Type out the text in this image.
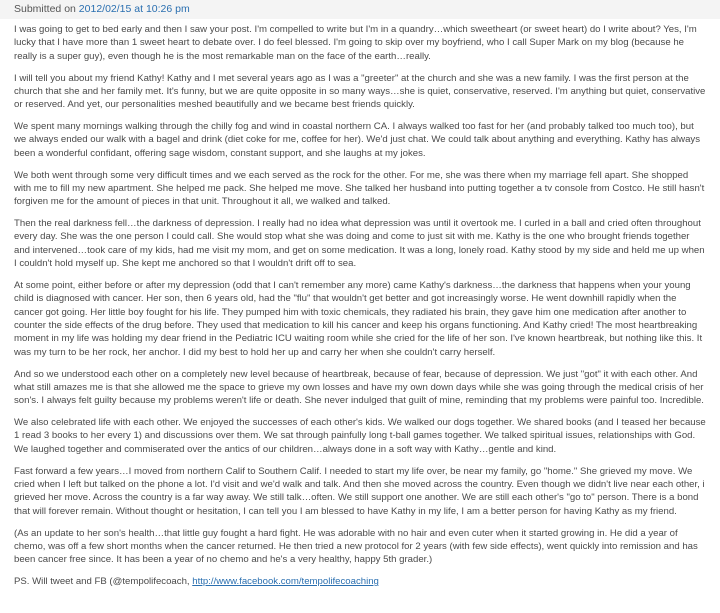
Submitted on 2012/02/15 at 10:26 pm

I was going to get to bed early and then I saw your post. I'm compelled to write but I'm in a quandry…which sweetheart (or sweet heart) do I write about? Yes, I'm lucky that I have more than 1 sweet heart to debate over. I do feel blessed. I'm going to skip over my boyfriend, who I call Super Mark on my blog (because he really is a super guy), even though he is the most remarkable man on the face of the earth…really.

I will tell you about my friend Kathy! Kathy and I met several years ago as I was a "greeter" at the church and she was a new family. I was the first person at the church that she and her family met. It's funny, but we are quite opposite in so many ways…she is quiet, conservative, reserved. I'm anything but quiet, conservative or reserved. And yet, our personalities meshed beautifully and we became best friends quickly.

We spent many mornings walking through the chilly fog and wind in coastal northern CA. I always walked too fast for her (and probably talked too much too), but we always ended our walk with a bagel and drink (diet coke for me, coffee for her). We'd just chat. We could talk about anything and everything. Kathy has always been a wonderful confidant, offering sage wisdom, constant support, and she laughs at my jokes.

We both went through some very difficult times and we each served as the rock for the other. For me, she was there when my marriage fell apart. She shopped with me to fill my new apartment. She helped me pack. She helped me move. She talked her husband into putting together a tv console from Costco. He still hasn't forgiven me for the amount of pieces in that unit. Throughout it all, we walked and talked.

Then the real darkness fell…the darkness of depression. I really had no idea what depression was until it overtook me. I curled in a ball and cried often throughout every day. She was the one person I could call. She would stop what she was doing and come to just sit with me. Kathy is the one who brought friends together and intervened…took care of my kids, had me visit my mom, and get on some medication. It was a long, lonely road. Kathy stood by my side and held me up when I couldn't hold myself up. She kept me anchored so that I wouldn't drift off to sea.

At some point, either before or after my depression (odd that I can't remember any more) came Kathy's darkness…the darkness that happens when your young child is diagnosed with cancer. Her son, then 6 years old, had the "flu" that wouldn't get better and got increasingly worse. He went downhill rapidly when the cancer got going. Her little boy fought for his life. They pumped him with toxic chemicals, they radiated his brain, they gave him one medication after another to counter the side effects of the drug before. They used that medication to kill his cancer and keep his organs functioning. And Kathy cried! The most heartbreaking moment in my life was holding my dear friend in the Pediatric ICU waiting room while she cried for the life of her son. I've known heartbreak, but nothing like this. It was my turn to be her rock, her anchor. I did my best to hold her up and carry her when she couldn't carry herself.

And so we understood each other on a completely new level because of heartbreak, because of fear, because of depression. We just "got" it with each other. And what still amazes me is that she allowed me the space to grieve my own losses and have my own down days while she was going through the medical crisis of her son's. I always felt guilty because my problems weren't life or death. She never indulged that guilt of mine, reminding that my problems were painful too. Incredible.

We also celebrated life with each other. We enjoyed the successes of each other's kids. We walked our dogs together. We shared books (and I teased her because 1 read 3 books to her every 1) and discussions over them. We sat through painfully long t-ball games together. We talked spiritual issues, relationships with God. We laughed together and commiserated over the antics of our children…always done in a soft way with Kathy…gentle and kind.

Fast forward a few years…I moved from northern Calif to Southern Calif. I needed to start my life over, be near my family, go "home." She grieved my move. We cried when I left but talked on the phone a lot. I'd visit and we'd walk and talk. And then she moved across the country. Even though we didn't live near each other, i grieved her move. Across the country is a far way away. We still talk…often. We still support one another. We are still each other's "go to" person. There is a bond that will forever remain. Without thought or hesitation, I can tell you I am blessed to have Kathy in my life, I am a better person for having Kathy as my friend.

(As an update to her son's health…that little guy fought a hard fight. He was adorable with no hair and even cuter when it started growing in. He did a year of chemo, was off a few short months when the cancer returned. He then tried a new protocol for 2 years (with few side effects), went quickly into remission and has been cancer free since. It has been a year of no chemo and he's a very healthy, happy 5th grader.)

PS. Will tweet and FB (@tempolifecoach, http://www.facebook.com/tempolifecoaching
